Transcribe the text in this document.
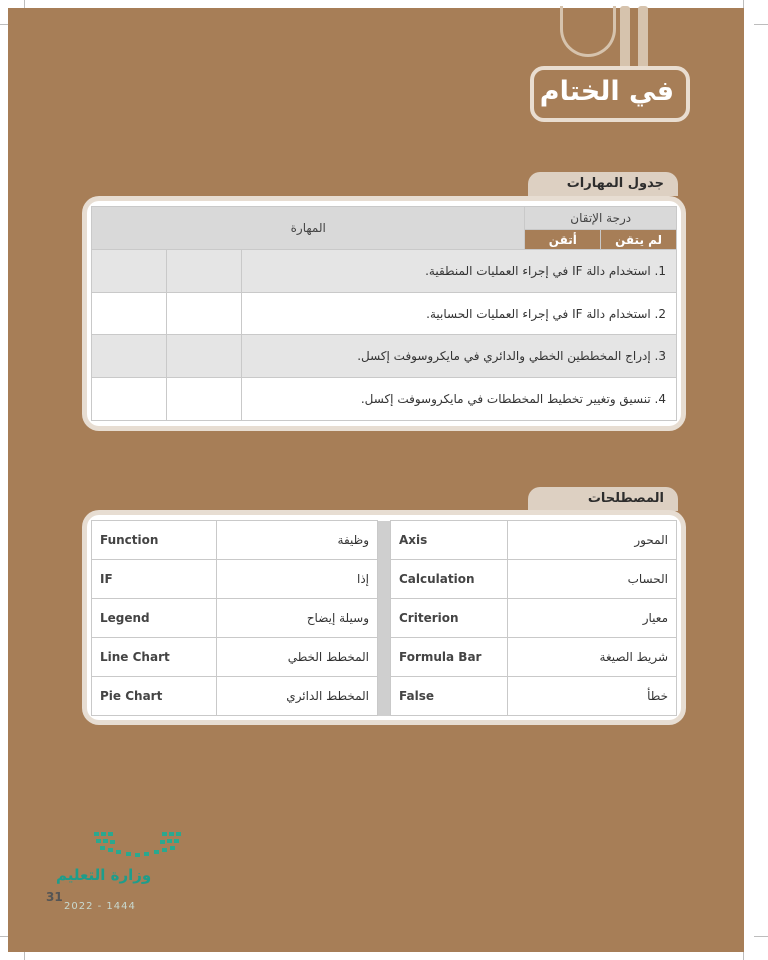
في الختام
جدول المهارات
المهارة	درجة الإتقان	
	أتقن	لم يتقن
		1. استخدام دالة IF في إجراء العمليات المنطقية.
		2. استخدام دالة IF في إجراء العمليات الحسابية.
		3. إدراج المخططين الخطي والدائري في مايكروسوفت إكسل.
		4. تنسيق وتغيير تخطيط المخططات في مايكروسوفت إكسل.
المصطلحات
Function	وظيفة		Axis	المحور
IF	إذا		Calculation	الحساب
Legend	وسيلة إيضاح		Criterion	معيار
Line Chart	المخطط الخطي		Formula Bar	شريط الصيغة
Pie Chart	المخطط الدائري		False	خطأ
وزارة التعليم
31
2022 - 1444
